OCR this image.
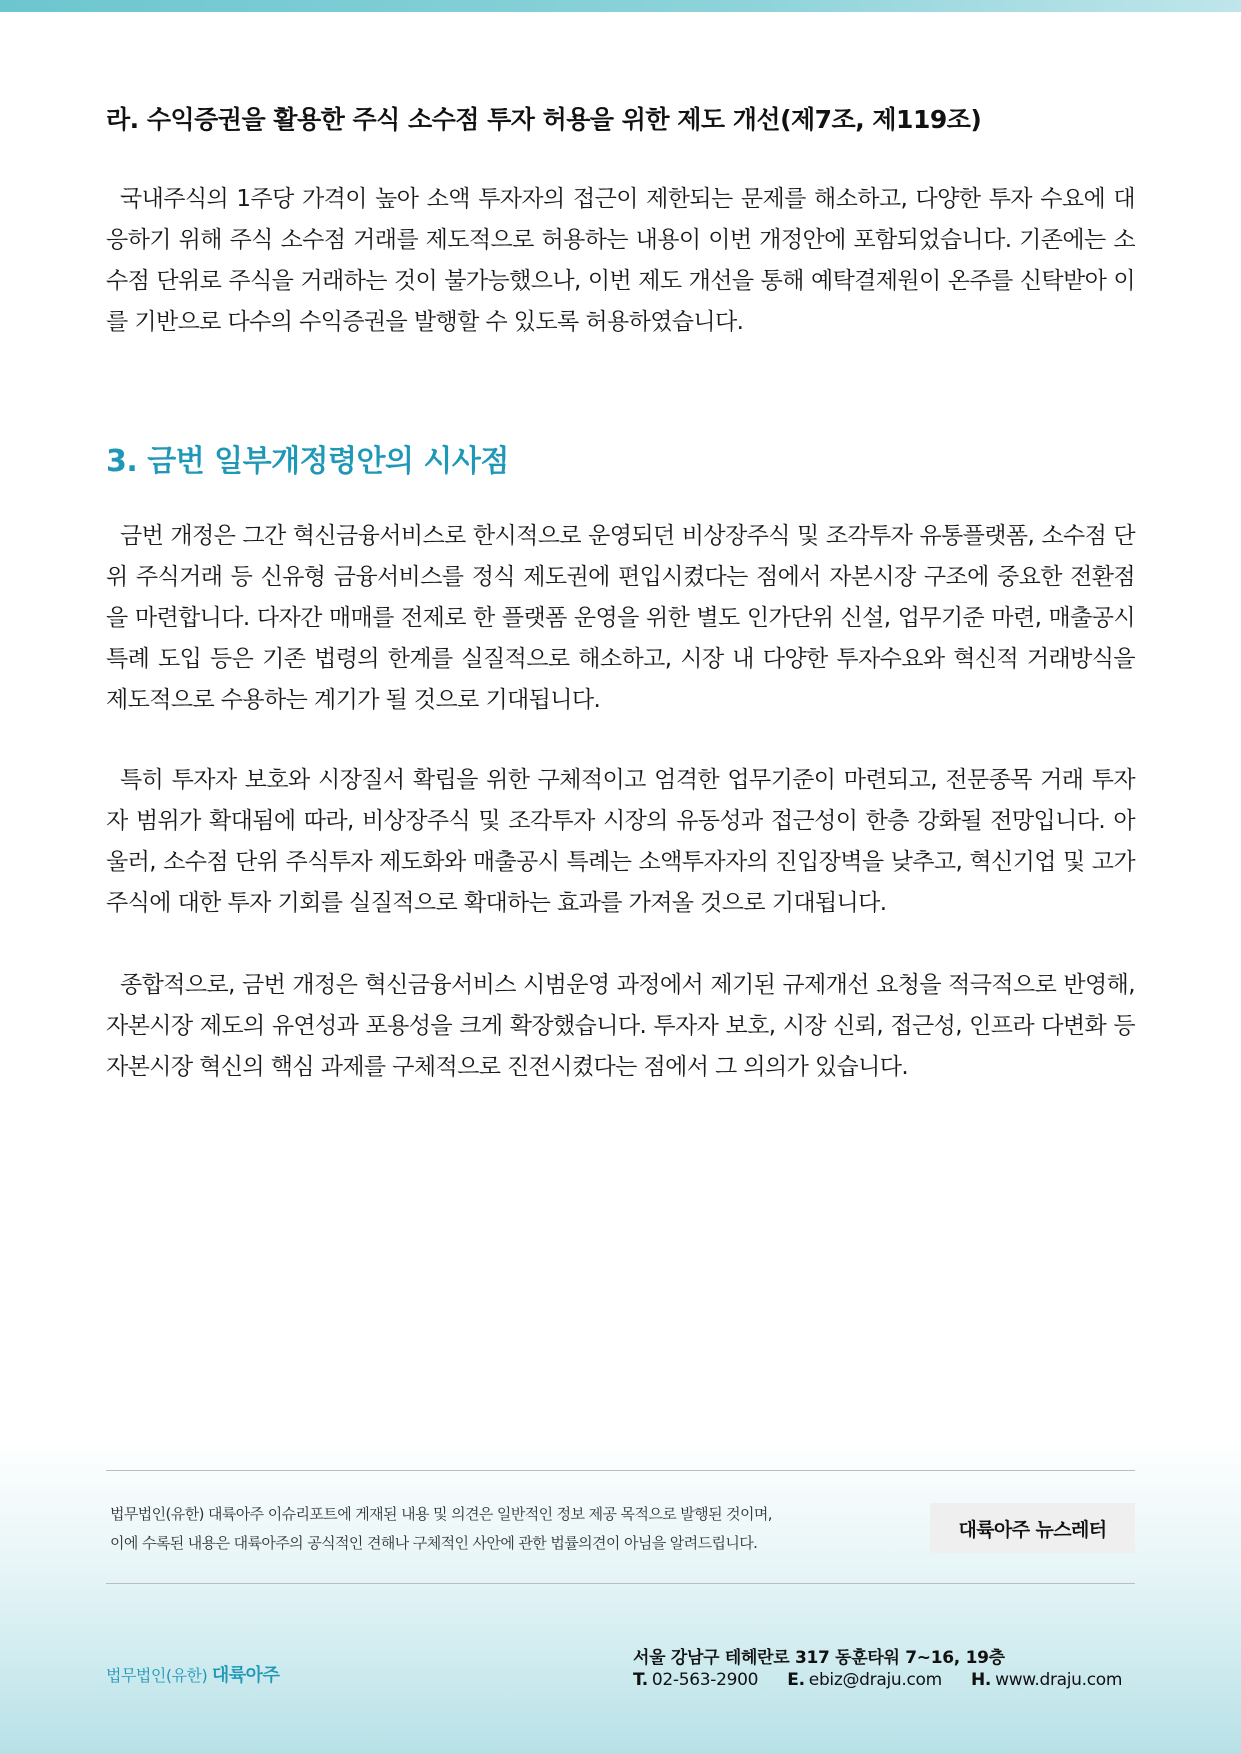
라. 수익증권을 활용한 주식 소수점 투자 허용을 위한 제도 개선(제7조, 제119조)

국내주식의 1주당 가격이 높아 소액 투자자의 접근이 제한되는 문제를 해소하고, 다양한 투자 수요에 대응하기 위해 주식 소수점 거래를 제도적으로 허용하는 내용이 이번 개정안에 포함되었습니다. 기존에는 소수점 단위로 주식을 거래하는 것이 불가능했으나, 이번 제도 개선을 통해 예탁결제원이 온주를 신탁받아 이를 기반으로 다수의 수익증권을 발행할 수 있도록 허용하였습니다.

3. 금번 일부개정령안의 시사점

금번 개정은 그간 혁신금융서비스로 한시적으로 운영되던 비상장주식 및 조각투자 유통플랫폼, 소수점 단위 주식거래 등 신유형 금융서비스를 정식 제도권에 편입시켰다는 점에서 자본시장 구조에 중요한 전환점을 마련합니다. 다자간 매매를 전제로 한 플랫폼 운영을 위한 별도 인가단위 신설, 업무기준 마련, 매출공시 특례 도입 등은 기존 법령의 한계를 실질적으로 해소하고, 시장 내 다양한 투자수요와 혁신적 거래방식을 제도적으로 수용하는 계기가 될 것으로 기대됩니다.

특히 투자자 보호와 시장질서 확립을 위한 구체적이고 엄격한 업무기준이 마련되고, 전문종목 거래 투자자 범위가 확대됨에 따라, 비상장주식 및 조각투자 시장의 유동성과 접근성이 한층 강화될 전망입니다. 아울러, 소수점 단위 주식투자 제도화와 매출공시 특례는 소액투자자의 진입장벽을 낮추고, 혁신기업 및 고가주식에 대한 투자 기회를 실질적으로 확대하는 효과를 가져올 것으로 기대됩니다.

종합적으로, 금번 개정은 혁신금융서비스 시범운영 과정에서 제기된 규제개선 요청을 적극적으로 반영해, 자본시장 제도의 유연성과 포용성을 크게 확장했습니다. 투자자 보호, 시장 신뢰, 접근성, 인프라 다변화 등 자본시장 혁신의 핵심 과제를 구체적으로 진전시켰다는 점에서 그 의의가 있습니다.

법무법인(유한) 대륙아주 이슈리포트에 게재된 내용 및 의견은 일반적인 정보 제공 목적으로 발행된 것이며,
이에 수록된 내용은 대륙아주의 공식적인 견해나 구체적인 사안에 관한 법률의견이 아님을 알려드립니다.
대륙아주 뉴스레터
법무법인(유한) 대륙아주
서울 강남구 테헤란로 317 동훈타워 7~16, 19층
T. 02-563-2900 E. ebiz@draju.com H. www.draju.com
